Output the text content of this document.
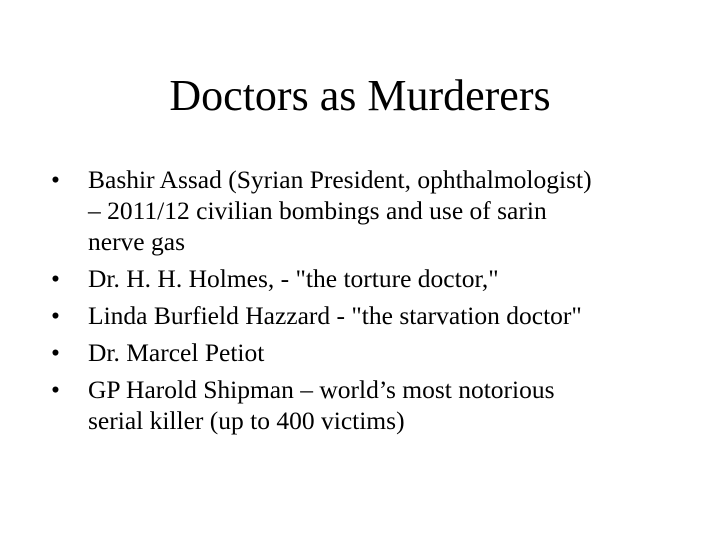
Doctors as Murderers
•	Bashir Assad (Syrian President, ophthalmologist)
– 2011/12 civilian bombings and use of sarin
nerve gas
•	Dr. H. H. Holmes, - "the torture doctor,"
•	Linda Burfield Hazzard - "the starvation doctor"
•	Dr. Marcel Petiot
•	GP Harold Shipman – world’s most notorious
serial killer (up to 400 victims)
